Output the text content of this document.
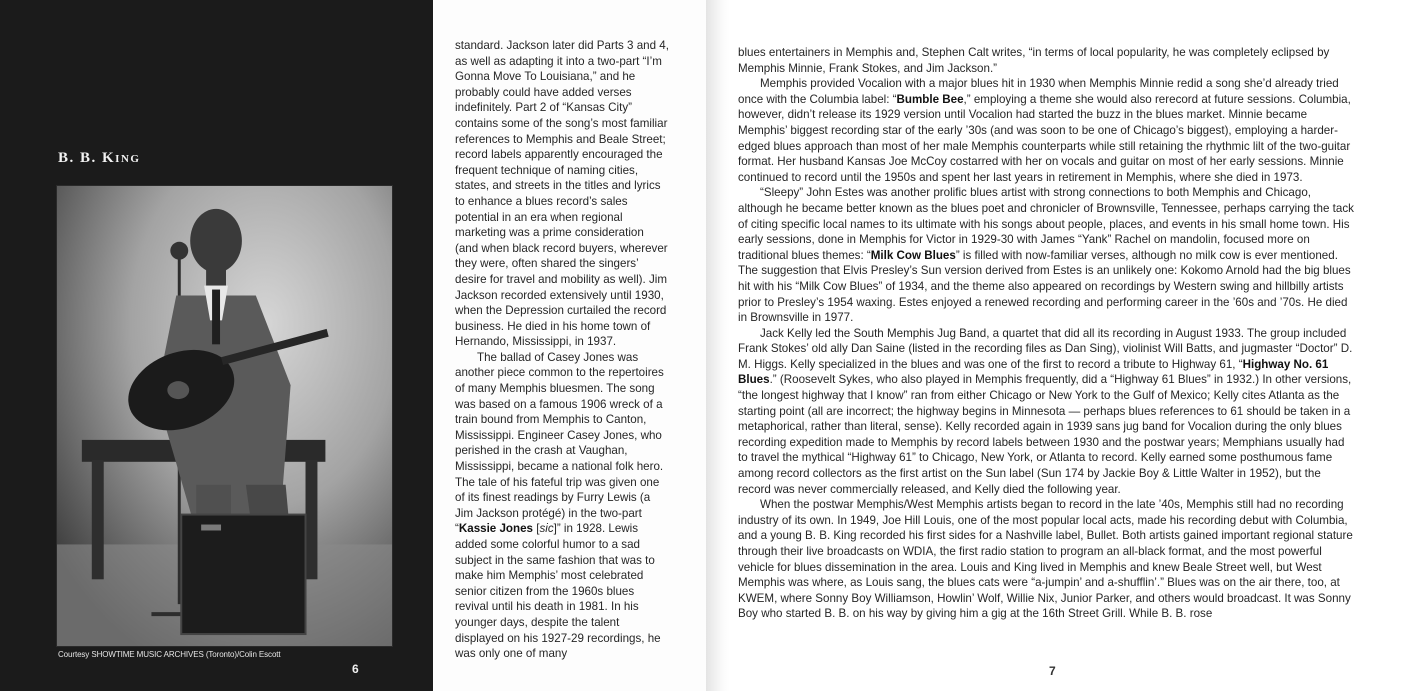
B. B. King
Courtesy SHOWTIME MUSIC ARCHIVES (Toronto)/Colin Escott
6

standard. Jackson later did Parts 3 and 4, as well as adapting it into a two-part “I’m Gonna Move To Louisiana,” and he probably could have added verses indefinitely. Part 2 of “Kansas City” contains some of the song’s most familiar references to Memphis and Beale Street; record labels apparently encouraged the frequent technique of naming cities, states, and streets in the titles and lyrics to enhance a blues record’s sales potential in an era when regional marketing was a prime consideration (and when black record buyers, wherever they were, often shared the singers’ desire for travel and mobility as well). Jim Jackson recorded extensively until 1930, when the Depression curtailed the record business. He died in his home town of Hernando, Mississippi, in 1937.

The ballad of Casey Jones was another piece common to the repertoires of many Memphis bluesmen. The song was based on a famous 1906 wreck of a train bound from Memphis to Canton, Mississippi. Engineer Casey Jones, who perished in the crash at Vaughan, Mississippi, became a national folk hero. The tale of his fateful trip was given one of its finest readings by Furry Lewis (a Jim Jackson protégé) in the two-part “Kassie Jones [sic]” in 1928. Lewis added some colorful humor to a sad subject in the same fashion that was to make him Memphis’ most celebrated senior citizen from the 1960s blues revival until his death in 1981. In his younger days, despite the talent displayed on his 1927-29 recordings, he was only one of many

blues entertainers in Memphis and, Stephen Calt writes, “in terms of local popularity, he was completely eclipsed by Memphis Minnie, Frank Stokes, and Jim Jackson.”

Memphis provided Vocalion with a major blues hit in 1930 when Memphis Minnie redid a song she’d already tried once with the Columbia label: “Bumble Bee,” employing a theme she would also rerecord at future sessions. Columbia, however, didn’t release its 1929 version until Vocalion had started the buzz in the blues market. Minnie became Memphis’ biggest recording star of the early ’30s (and was soon to be one of Chicago’s biggest), employing a harder-edged blues approach than most of her male Memphis counterparts while still retaining the rhythmic lilt of the two-guitar format. Her husband Kansas Joe McCoy costarred with her on vocals and guitar on most of her early sessions. Minnie continued to record until the 1950s and spent her last years in retirement in Memphis, where she died in 1973.

“Sleepy” John Estes was another prolific blues artist with strong connections to both Memphis and Chicago, although he became better known as the blues poet and chronicler of Brownsville, Tennessee, perhaps carrying the tack of citing specific local names to its ultimate with his songs about people, places, and events in his small home town. His early sessions, done in Memphis for Victor in 1929-30 with James “Yank” Rachel on mandolin, focused more on traditional blues themes: “Milk Cow Blues” is filled with now-familiar verses, although no milk cow is ever mentioned. The suggestion that Elvis Presley’s Sun version derived from Estes is an unlikely one: Kokomo Arnold had the big blues hit with his “Milk Cow Blues” of 1934, and the theme also appeared on recordings by Western swing and hillbilly artists prior to Presley’s 1954 waxing. Estes enjoyed a renewed recording and performing career in the ’60s and ’70s. He died in Brownsville in 1977.

Jack Kelly led the South Memphis Jug Band, a quartet that did all its recording in August 1933. The group included Frank Stokes’ old ally Dan Saine (listed in the recording files as Dan Sing), violinist Will Batts, and jugmaster “Doctor” D. M. Higgs. Kelly specialized in the blues and was one of the first to record a tribute to Highway 61, “Highway No. 61 Blues.” (Roosevelt Sykes, who also played in Memphis frequently, did a “Highway 61 Blues” in 1932.) In other versions, “the longest highway that I know” ran from either Chicago or New York to the Gulf of Mexico; Kelly cites Atlanta as the starting point (all are incorrect; the highway begins in Minnesota — perhaps blues references to 61 should be taken in a metaphorical, rather than literal, sense). Kelly recorded again in 1939 sans jug band for Vocalion during the only blues recording expedition made to Memphis by record labels between 1930 and the postwar years; Memphians usually had to travel the mythical “Highway 61” to Chicago, New York, or Atlanta to record. Kelly earned some posthumous fame among record collectors as the first artist on the Sun label (Sun 174 by Jackie Boy & Little Walter in 1952), but the record was never commercially released, and Kelly died the following year.

When the postwar Memphis/West Memphis artists began to record in the late ’40s, Memphis still had no recording industry of its own. In 1949, Joe Hill Louis, one of the most popular local acts, made his recording debut with Columbia, and a young B. B. King recorded his first sides for a Nashville label, Bullet. Both artists gained important regional stature through their live broadcasts on WDIA, the first radio station to program an all-black format, and the most powerful vehicle for blues dissemination in the area. Louis and King lived in Memphis and knew Beale Street well, but West Memphis was where, as Louis sang, the blues cats were “a-jumpin’ and a-shufflin’.” Blues was on the air there, too, at KWEM, where Sonny Boy Williamson, Howlin’ Wolf, Willie Nix, Junior Parker, and others would broadcast. It was Sonny Boy who started B. B. on his way by giving him a gig at the 16th Street Grill. While B. B. rose

7
